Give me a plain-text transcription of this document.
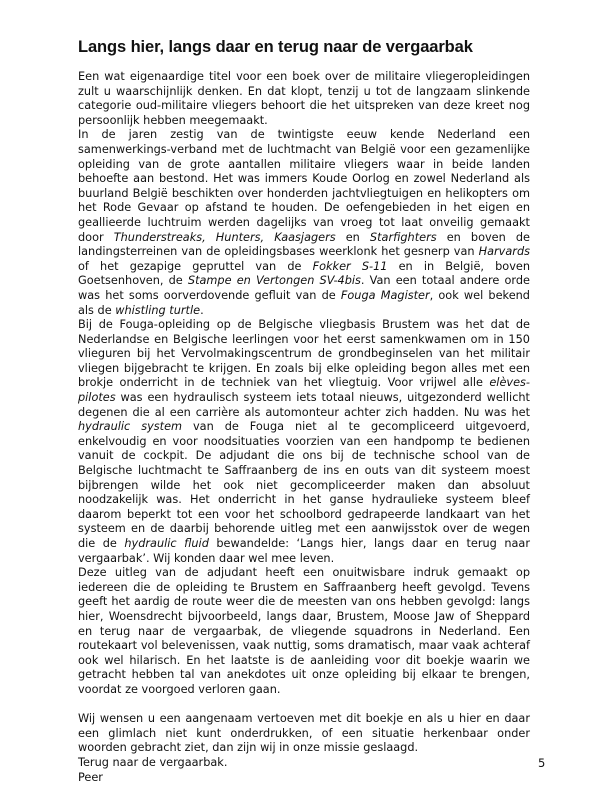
Langs hier, langs daar en terug naar de vergaarbak

Een wat eigenaardige titel voor een boek over de militaire vliegeropleidingen zult u waarschijnlijk denken. En dat klopt, tenzij u tot de langzaam slinkende categorie oud-militaire vliegers behoort die het uitspreken van deze kreet nog persoonlijk hebben meegemaakt.

In de jaren zestig van de twintigste eeuw kende Nederland een samenwerkings-verband met de luchtmacht van België voor een gezamenlijke opleiding van de grote aantallen militaire vliegers waar in beide landen behoefte aan bestond. Het was immers Koude Oorlog en zowel Nederland als buurland België beschikten over honderden jachtvliegtuigen en helikopters om het Rode Gevaar op afstand te houden. De oefengebieden in het eigen en geallieerde luchtruim werden dagelijks van vroeg tot laat onveilig gemaakt door Thunderstreaks, Hunters, Kaasjagers en Starfighters en boven de landingsterreinen van de opleidingsbases weerklonk het gesnerp van Harvards of het gezapige gepruttel van de Fokker S-11 en in België, boven Goetsenhoven, de Stampe en Vertongen SV-4bis. Van een totaal andere orde was het soms oorverdovende gefluit van de Fouga Magister, ook wel bekend als de whistling turtle.

Bij de Fouga-opleiding op de Belgische vliegbasis Brustem was het dat de Nederlandse en Belgische leerlingen voor het eerst samenkwamen om in 150 vlieguren bij het Vervolmakingscentrum de grondbeginselen van het militair vliegen bijgebracht te krijgen. En zoals bij elke opleiding begon alles met een brokje onderricht in de techniek van het vliegtuig. Voor vrijwel alle elèves-pilotes was een hydraulisch systeem iets totaal nieuws, uitgezonderd wellicht degenen die al een carrière als automonteur achter zich hadden. Nu was het hydraulic system van de Fouga niet al te gecompliceerd uitgevoerd, enkelvoudig en voor noodsituaties voorzien van een handpomp te bedienen vanuit de cockpit. De adjudant die ons bij de technische school van de Belgische luchtmacht te Saffraanberg de ins en outs van dit systeem moest bijbrengen wilde het ook niet gecompliceerder maken dan absoluut noodzakelijk was. Het onderricht in het ganse hydraulieke systeem bleef daarom beperkt tot een voor het schoolbord gedrapeerde landkaart van het systeem en de daarbij behorende uitleg met een aanwijsstok over de wegen die de hydraulic fluid bewandelde: ‘Langs hier, langs daar en terug naar vergaarbak’. Wij konden daar wel mee leven.

Deze uitleg van de adjudant heeft een onuitwisbare indruk gemaakt op iedereen die de opleiding te Brustem en Saffraanberg heeft gevolgd. Tevens geeft het aardig de route weer die de meesten van ons hebben gevolgd: langs hier, Woensdrecht bijvoorbeeld, langs daar, Brustem, Moose Jaw of Sheppard en terug naar de vergaarbak, de vliegende squadrons in Nederland. Een routekaart vol belevenissen, vaak nuttig, soms dramatisch, maar vaak achteraf ook wel hilarisch. En het laatste is de aanleiding voor dit boekje waarin we getracht hebben tal van anekdotes uit onze opleiding bij elkaar te brengen, voordat ze voorgoed verloren gaan.

Wij wensen u een aangenaam vertoeven met dit boekje en als u hier en daar een glimlach niet kunt onderdrukken, of een situatie herkenbaar onder woorden gebracht ziet, dan zijn wij in onze missie geslaagd.

Terug naar de vergaarbak.

Peer

5
